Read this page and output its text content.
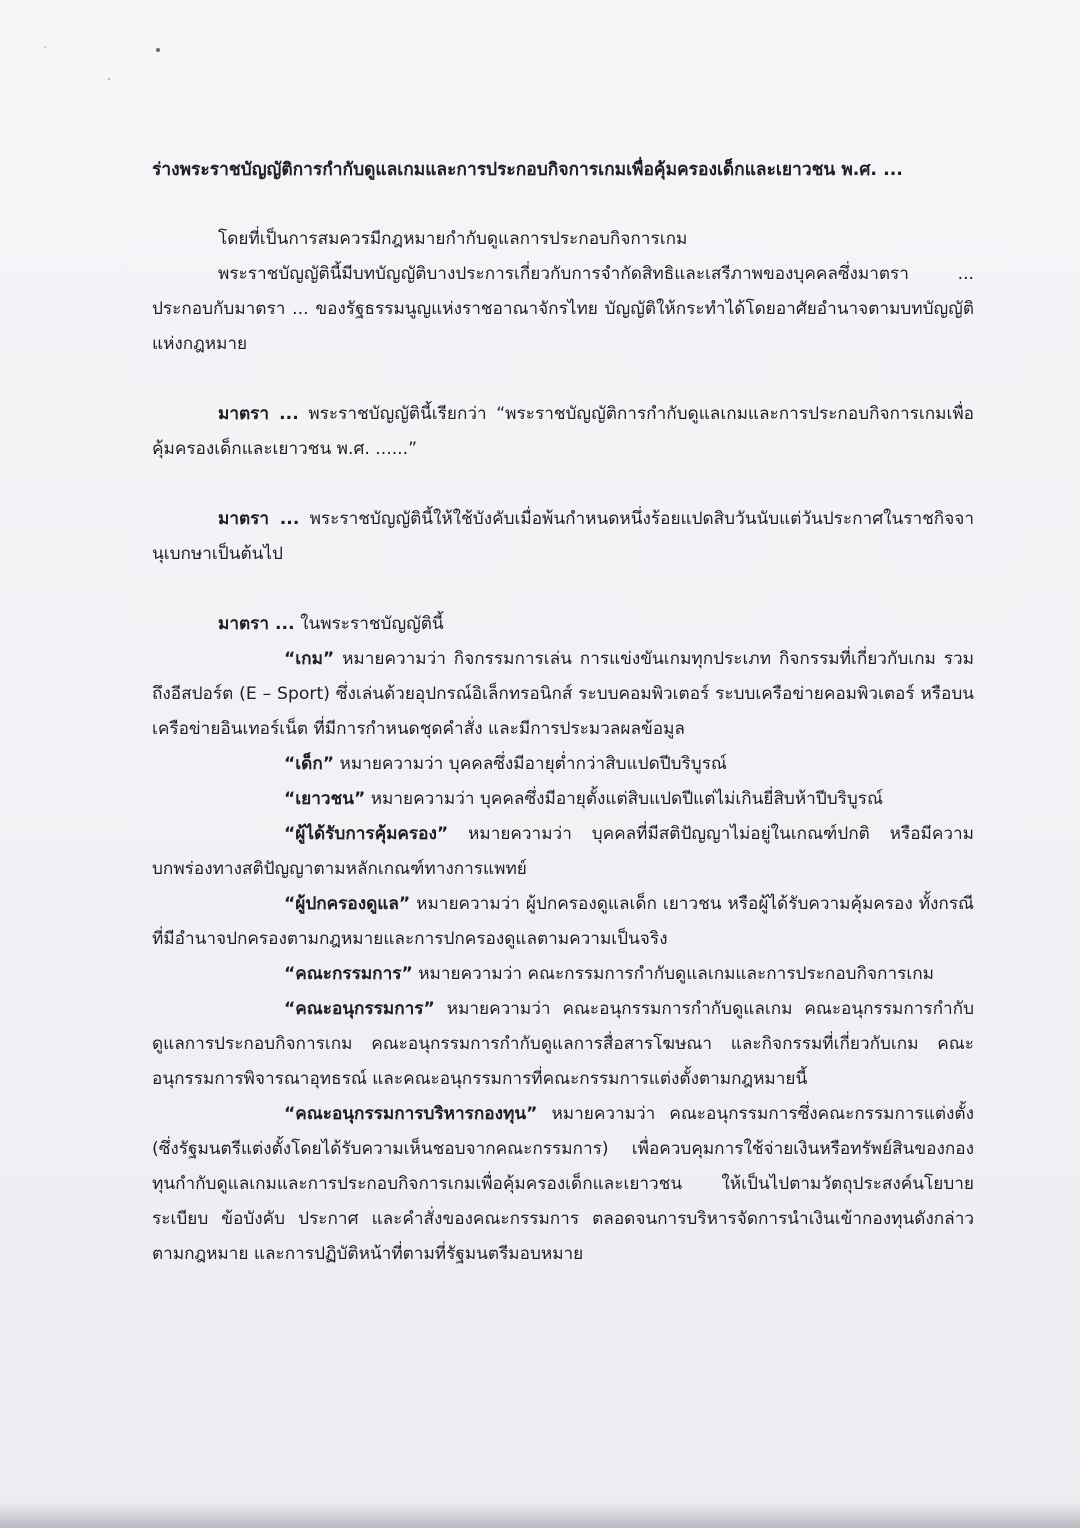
ร่างพระราชบัญญัติการกำกับดูแลเกมและการประกอบกิจการเกมเพื่อคุ้มครองเด็กและเยาวชน พ.ศ. ...

โดยที่เป็นการสมควรมีกฎหมายกำกับดูแลการประกอบกิจการเกม

พระราชบัญญัตินี้มีบทบัญญัติบางประการเกี่ยวกับการจำกัดสิทธิและเสรีภาพของบุคคลซึ่งมาตรา ... ประกอบกับมาตรา ... ของรัฐธรรมนูญแห่งราชอาณาจักรไทย บัญญัติให้กระทำได้โดยอาศัยอำนาจตามบทบัญญัติแห่งกฎหมาย

มาตรา ... พระราชบัญญัตินี้เรียกว่า “พระราชบัญญัติการกำกับดูแลเกมและการประกอบกิจการเกมเพื่อคุ้มครองเด็กและเยาวชน พ.ศ. ......”

มาตรา ... พระราชบัญญัตินี้ให้ใช้บังคับเมื่อพ้นกำหนดหนึ่งร้อยแปดสิบวันนับแต่วันประกาศในราชกิจจานุเบกษาเป็นต้นไป

มาตรา ... ในพระราชบัญญัตินี้

“เกม” หมายความว่า กิจกรรมการเล่น การแข่งขันเกมทุกประเภท กิจกรรมที่เกี่ยวกับเกม รวมถึงอีสปอร์ต (E – Sport) ซึ่งเล่นด้วยอุปกรณ์อิเล็กทรอนิกส์ ระบบคอมพิวเตอร์ ระบบเครือข่ายคอมพิวเตอร์ หรือบนเครือข่ายอินเทอร์เน็ต ที่มีการกำหนดชุดคำสั่ง และมีการประมวลผลข้อมูล

“เด็ก” หมายความว่า บุคคลซึ่งมีอายุต่ำกว่าสิบแปดปีบริบูรณ์

“เยาวชน” หมายความว่า บุคคลซึ่งมีอายุตั้งแต่สิบแปดปีแต่ไม่เกินยี่สิบห้าปีบริบูรณ์

“ผู้ได้รับการคุ้มครอง” หมายความว่า บุคคลที่มีสติปัญญาไม่อยู่ในเกณฑ์ปกติ หรือมีความบกพร่องทางสติปัญญาตามหลักเกณฑ์ทางการแพทย์

“ผู้ปกครองดูแล” หมายความว่า ผู้ปกครองดูแลเด็ก เยาวชน หรือผู้ได้รับความคุ้มครอง ทั้งกรณีที่มีอำนาจปกครองตามกฎหมายและการปกครองดูแลตามความเป็นจริง

“คณะกรรมการ” หมายความว่า คณะกรรมการกำกับดูแลเกมและการประกอบกิจการเกม

“คณะอนุกรรมการ” หมายความว่า คณะอนุกรรมการกำกับดูแลเกม คณะอนุกรรมการกำกับดูแลการประกอบกิจการเกม คณะอนุกรรมการกำกับดูแลการสื่อสารโฆษณา และกิจกรรมที่เกี่ยวกับเกม คณะอนุกรรมการพิจารณาอุทธรณ์ และคณะอนุกรรมการที่คณะกรรมการแต่งตั้งตามกฎหมายนี้

“คณะอนุกรรมการบริหารกองทุน” หมายความว่า คณะอนุกรรมการซึ่งคณะกรรมการแต่งตั้ง (ซึ่งรัฐมนตรีแต่งตั้งโดยได้รับความเห็นชอบจากคณะกรรมการ) เพื่อควบคุมการใช้จ่ายเงินหรือทรัพย์สินของกองทุนกำกับดูแลเกมและการประกอบกิจการเกมเพื่อคุ้มครองเด็กและเยาวชน ให้เป็นไปตามวัตถุประสงค์นโยบาย ระเบียบ ข้อบังคับ ประกาศ และคำสั่งของคณะกรรมการ ตลอดจนการบริหารจัดการนำเงินเข้ากองทุนดังกล่าวตามกฎหมาย และการปฏิบัติหน้าที่ตามที่รัฐมนตรีมอบหมาย
